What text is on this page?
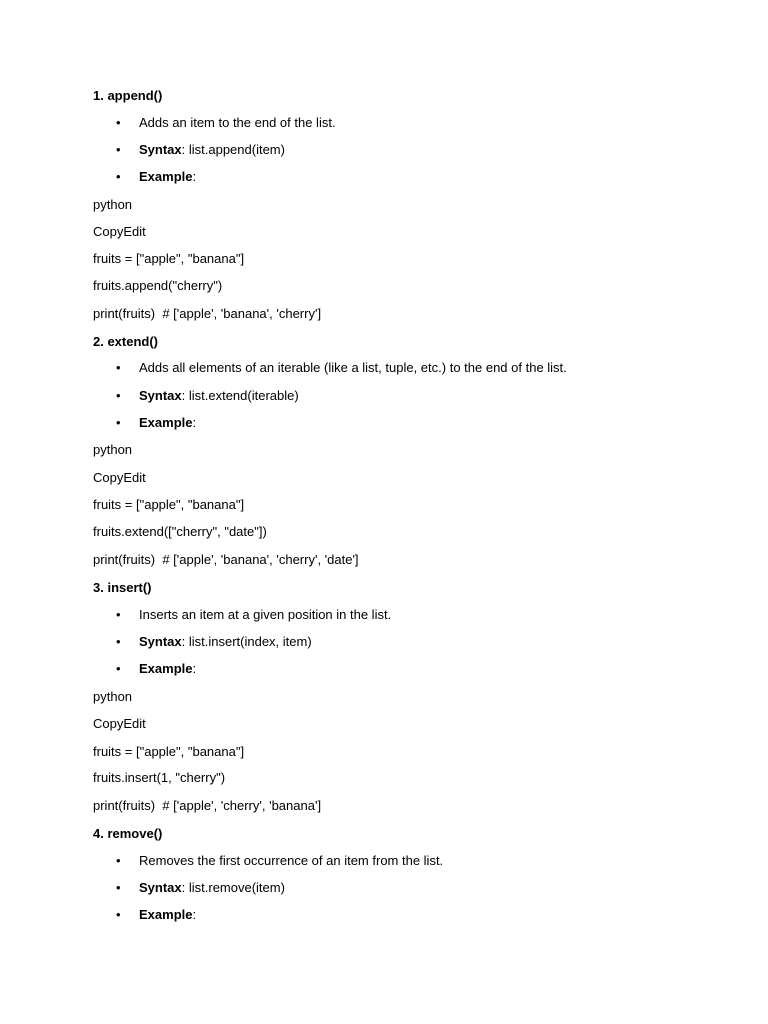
1. append()
• Adds an item to the end of the list.
• Syntax: list.append(item)
• Example:
python
CopyEdit
fruits = ["apple", "banana"]
fruits.append("cherry")
print(fruits)  # ['apple', 'banana', 'cherry']
2. extend()
• Adds all elements of an iterable (like a list, tuple, etc.) to the end of the list.
• Syntax: list.extend(iterable)
• Example:
python
CopyEdit
fruits = ["apple", "banana"]
fruits.extend(["cherry", "date"])
print(fruits)  # ['apple', 'banana', 'cherry', 'date']
3. insert()
• Inserts an item at a given position in the list.
• Syntax: list.insert(index, item)
• Example:
python
CopyEdit
fruits = ["apple", "banana"]
fruits.insert(1, "cherry")
print(fruits)  # ['apple', 'cherry', 'banana']
4. remove()
• Removes the first occurrence of an item from the list.
• Syntax: list.remove(item)
• Example:
